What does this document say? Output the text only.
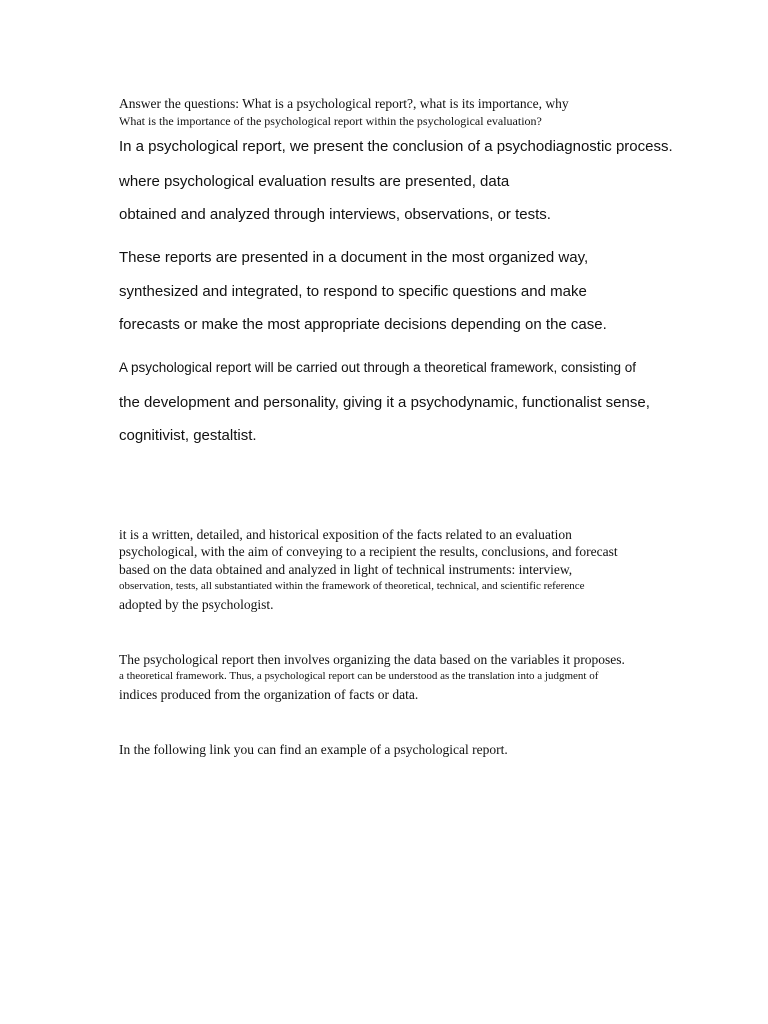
Answer the questions: What is a psychological report?, what is its importance, why

What is the importance of the psychological report within the psychological evaluation?

In a psychological report, we present the conclusion of a psychodiagnostic process.

where psychological evaluation results are presented, data

obtained and analyzed through interviews, observations, or tests.

These reports are presented in a document in the most organized way,

synthesized and integrated, to respond to specific questions and make

forecasts or make the most appropriate decisions depending on the case.

A psychological report will be carried out through a theoretical framework, consisting of

the development and personality, giving it a psychodynamic, functionalist sense,

cognitivist, gestaltist.

it is a written, detailed, and historical exposition of the facts related to an evaluation

psychological, with the aim of conveying to a recipient the results, conclusions, and forecast

based on the data obtained and analyzed in light of technical instruments: interview,

observation, tests, all substantiated within the framework of theoretical, technical, and scientific reference

adopted by the psychologist.

The psychological report then involves organizing the data based on the variables it proposes.

a theoretical framework. Thus, a psychological report can be understood as the translation into a judgment of

indices produced from the organization of facts or data.

In the following link you can find an example of a psychological report.
